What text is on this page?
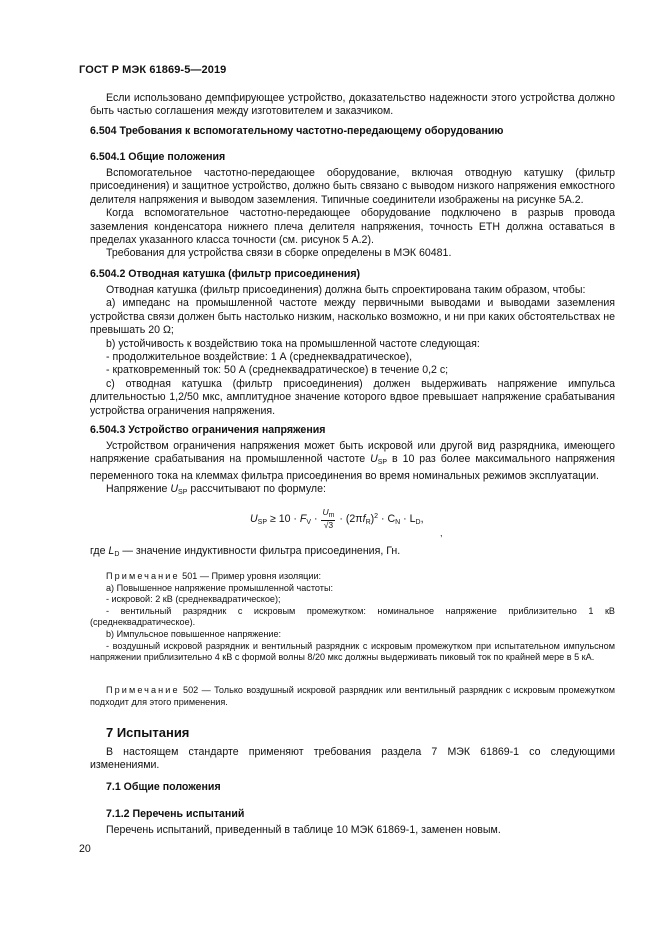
ГОСТ Р МЭК 61869-5—2019

Если использовано демпфирующее устройство, доказательство надежности этого устройства должно быть частью соглашения между изготовителем и заказчиком.

6.504 Требования к вспомогательному частотно-передающему оборудованию
6.504.1 Общие положения

Вспомогательное частотно-передающее оборудование, включая отводную катушку (фильтр присоединения) и защитное устройство, должно быть связано с выводом низкого напряжения емкостного делителя напряжения и выводом заземления. Типичные соединители изображены на рисунке 5А.2.

Когда вспомогательное частотно-передающее оборудование подключено в разрыв провода заземления конденсатора нижнего плеча делителя напряжения, точность ЕТН должна оставаться в пределах указанного класса точности (см. рисунок 5 А.2).

Требования для устройства связи в сборке определены в МЭК 60481.

6.504.2 Отводная катушка (фильтр присоединения)

Отводная катушка (фильтр присоединения) должна быть спроектирована таким образом, чтобы:

а) импеданс на промышленной частоте между первичными выводами и выводами заземления устройства связи должен быть настолько низким, насколько возможно, и ни при каких обстоятельствах не превышать 20 Ω;

b) устойчивость к воздействию тока на промышленной частоте следующая:

- продолжительное воздействие: 1 А (среднеквадратическое),

- кратковременный ток: 50 А (среднеквадратическое) в течение 0,2 с;

c) отводная катушка (фильтр присоединения) должен выдерживать напряжение импульса длительностью 1,2/50 мкс, амплитудное значение которого вдвое превышает напряжение срабатывания устройства ограничения напряжения.

6.504.3 Устройство ограничения напряжения

Устройством ограничения напряжения может быть искровой или другой вид разрядника, имеющего напряжение срабатывания на промышленной частоте $U_{SP}$ в 10 раз более максимального напряжения переменного тока на клеммах фильтра присоединения во время номинальных режимов эксплуатации.

Напряжение $U_{SP}$ рассчитывают по формуле:

$U_{SP} \ge 10 \cdot F_V \cdot \frac{U_m}{√3} \cdot (2\pi f_R)^2 \cdot C_N \cdot L_D$,
,

где $L_D$ — значение индуктивности фильтра присоединения, Гн.

Примечание 501 — Пример уровня изоляции:

а) Повышенное напряжение промышленной частоты:

- искровой: 2 кВ (среднеквадратическое);

- вентильный разрядник с искровым промежутком: номинальное напряжение приблизительно 1 кВ (среднеквадратическое).

b) Импульсное повышенное напряжение:

- воздушный искровой разрядник и вентильный разрядник с искровым промежутком при испытательном импульсном напряжении приблизительно 4 кВ с формой волны 8/20 мкс должны выдерживать пиковый ток по крайней мере в 5 кА.

Примечание 502 — Только воздушный искровой разрядник или вентильный разрядник с искровым промежутком подходит для этого применения.

7 Испытания

В настоящем стандарте применяют требования раздела 7 МЭК 61869-1 со следующими изменениями.

7.1 Общие положения
7.1.2 Перечень испытаний

Перечень испытаний, приведенный в таблице 10 МЭК 61869-1, заменен новым.

20
